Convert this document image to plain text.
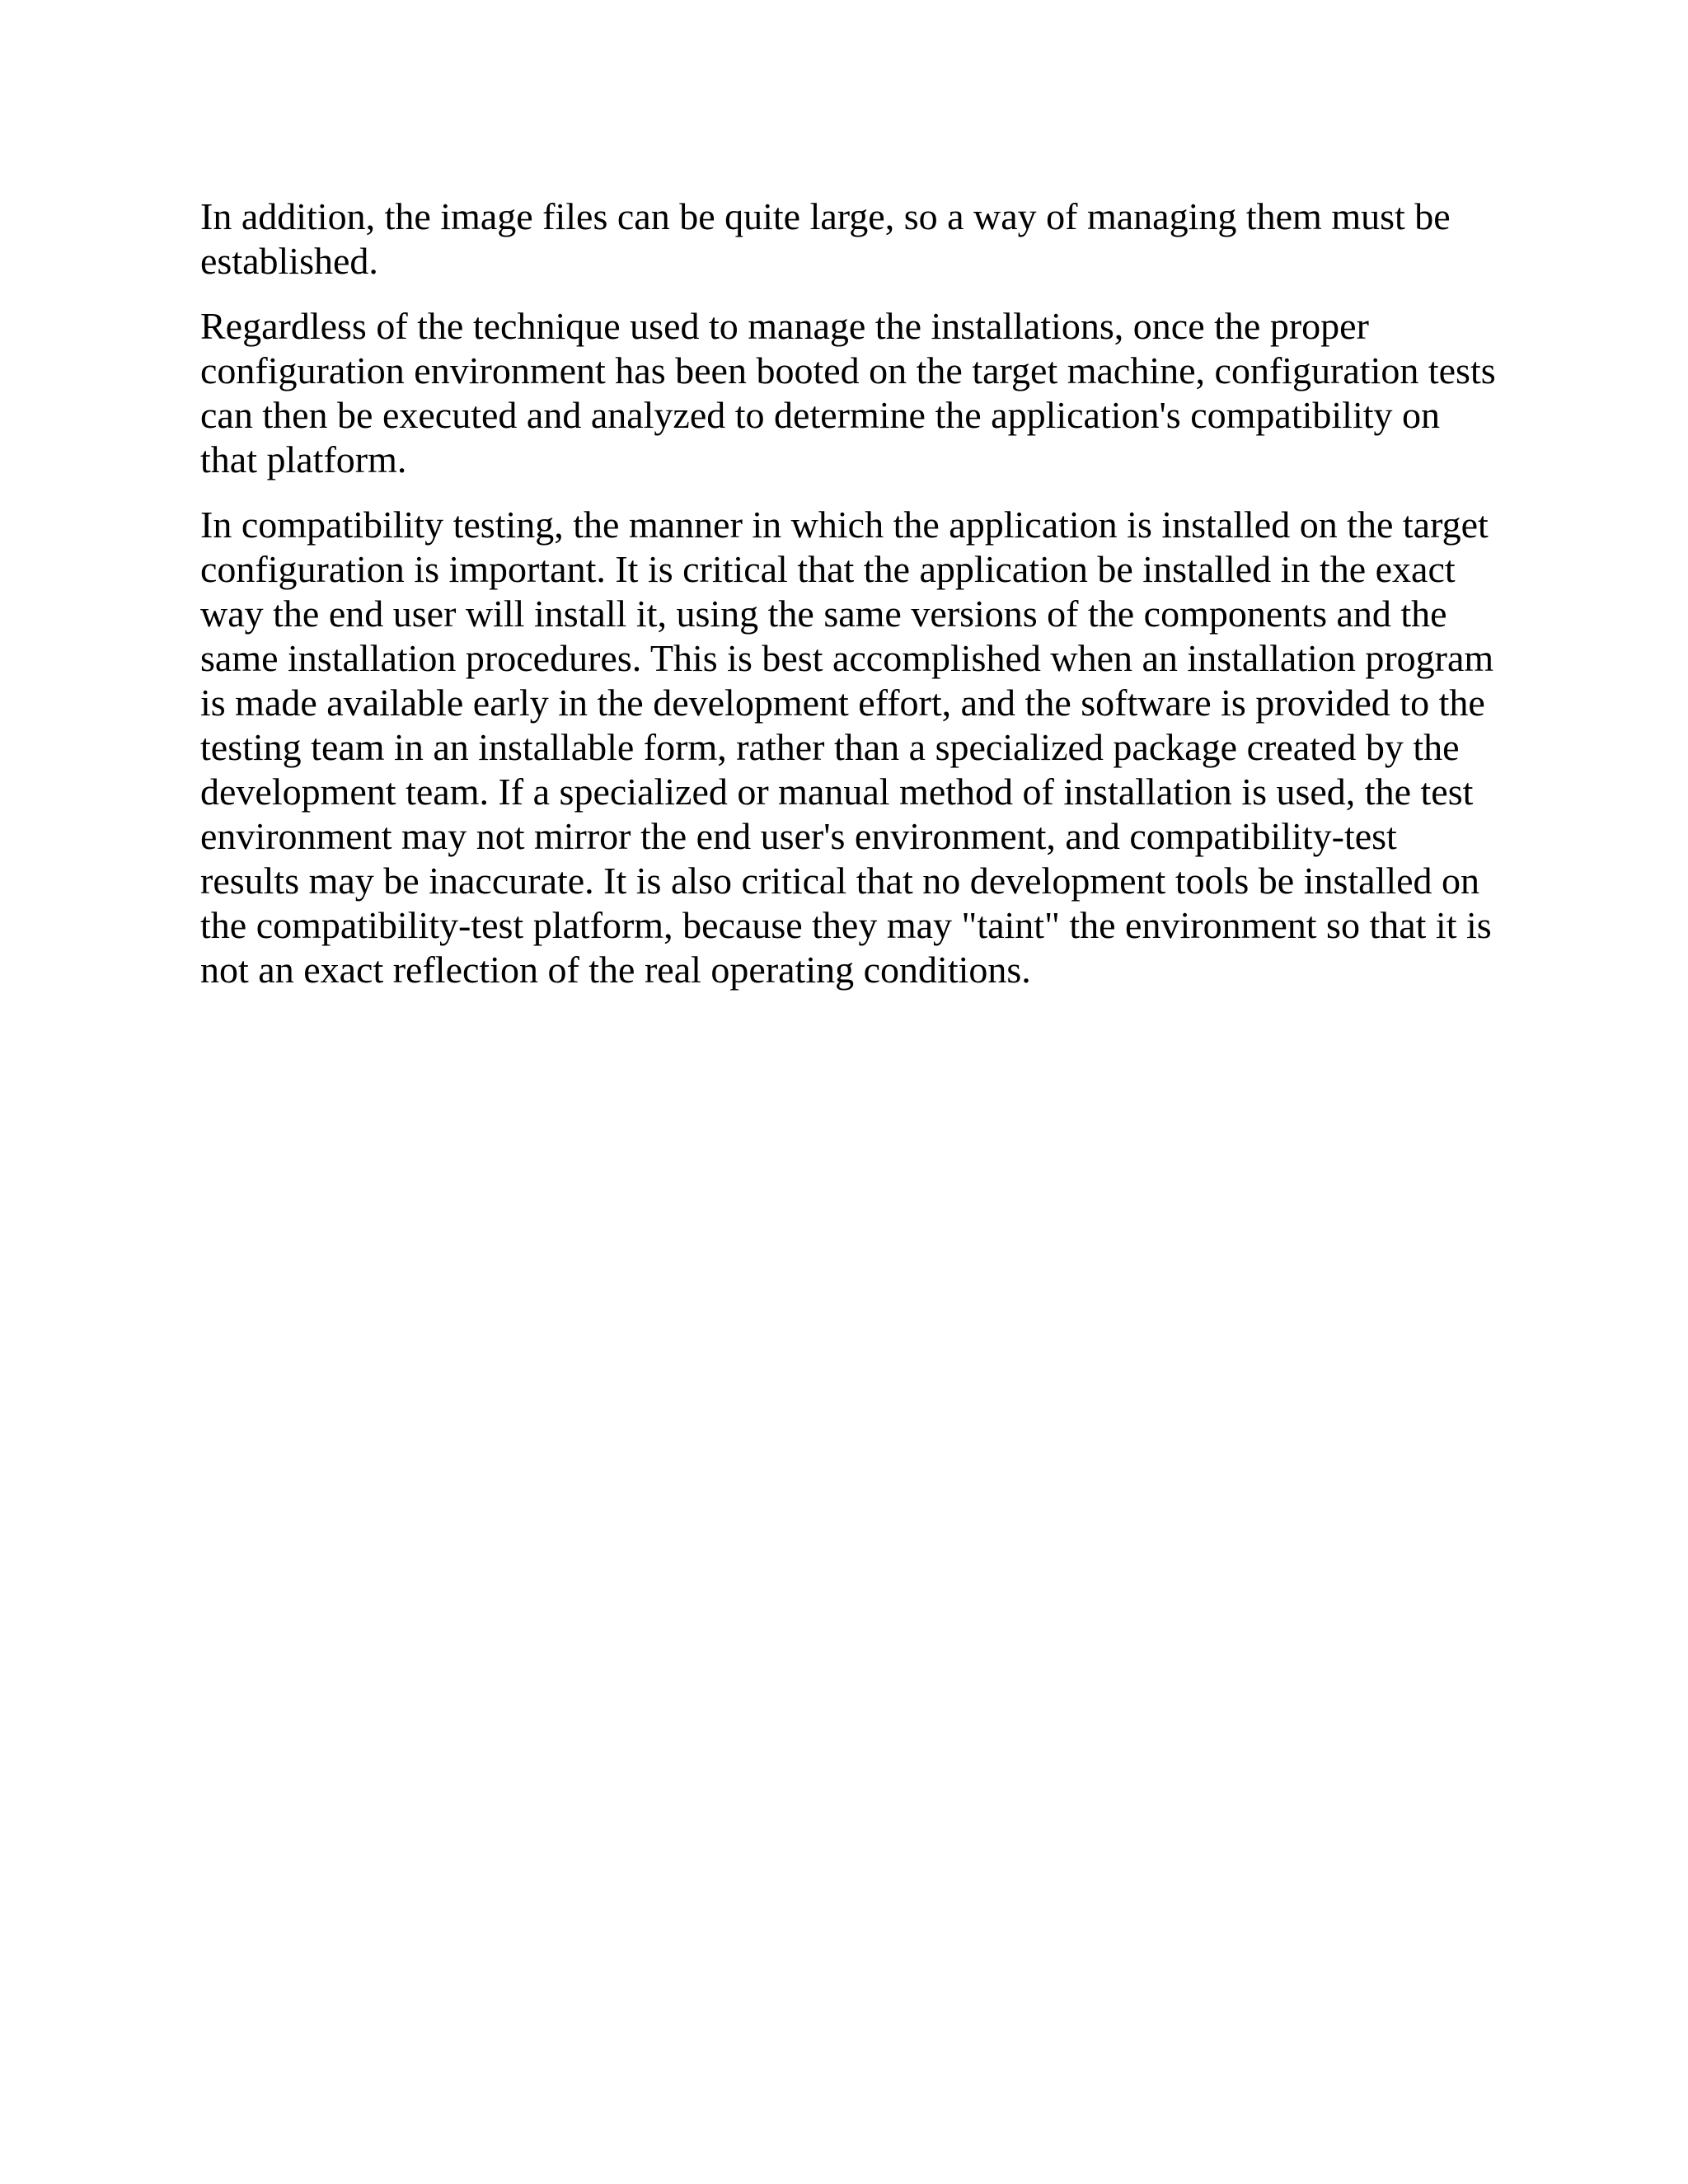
In addition, the image files can be quite large, so a way of managing them must be established.

Regardless of the technique used to manage the installations, once the proper configuration environment has been booted on the target machine, configuration tests can then be executed and analyzed to determine the application's compatibility on that platform.

In compatibility testing, the manner in which the application is installed on the target configuration is important. It is critical that the application be installed in the exact way the end user will install it, using the same versions of the components and the same installation procedures. This is best accomplished when an installation program is made available early in the development effort, and the software is provided to the testing team in an installable form, rather than a specialized package created by the development team. If a specialized or manual method of installation is used, the test environment may not mirror the end user's environment, and compatibility-test results may be inaccurate. It is also critical that no development tools be installed on the compatibility-test platform, because they may "taint" the environment so that it is not an exact reflection of the real operating conditions.
